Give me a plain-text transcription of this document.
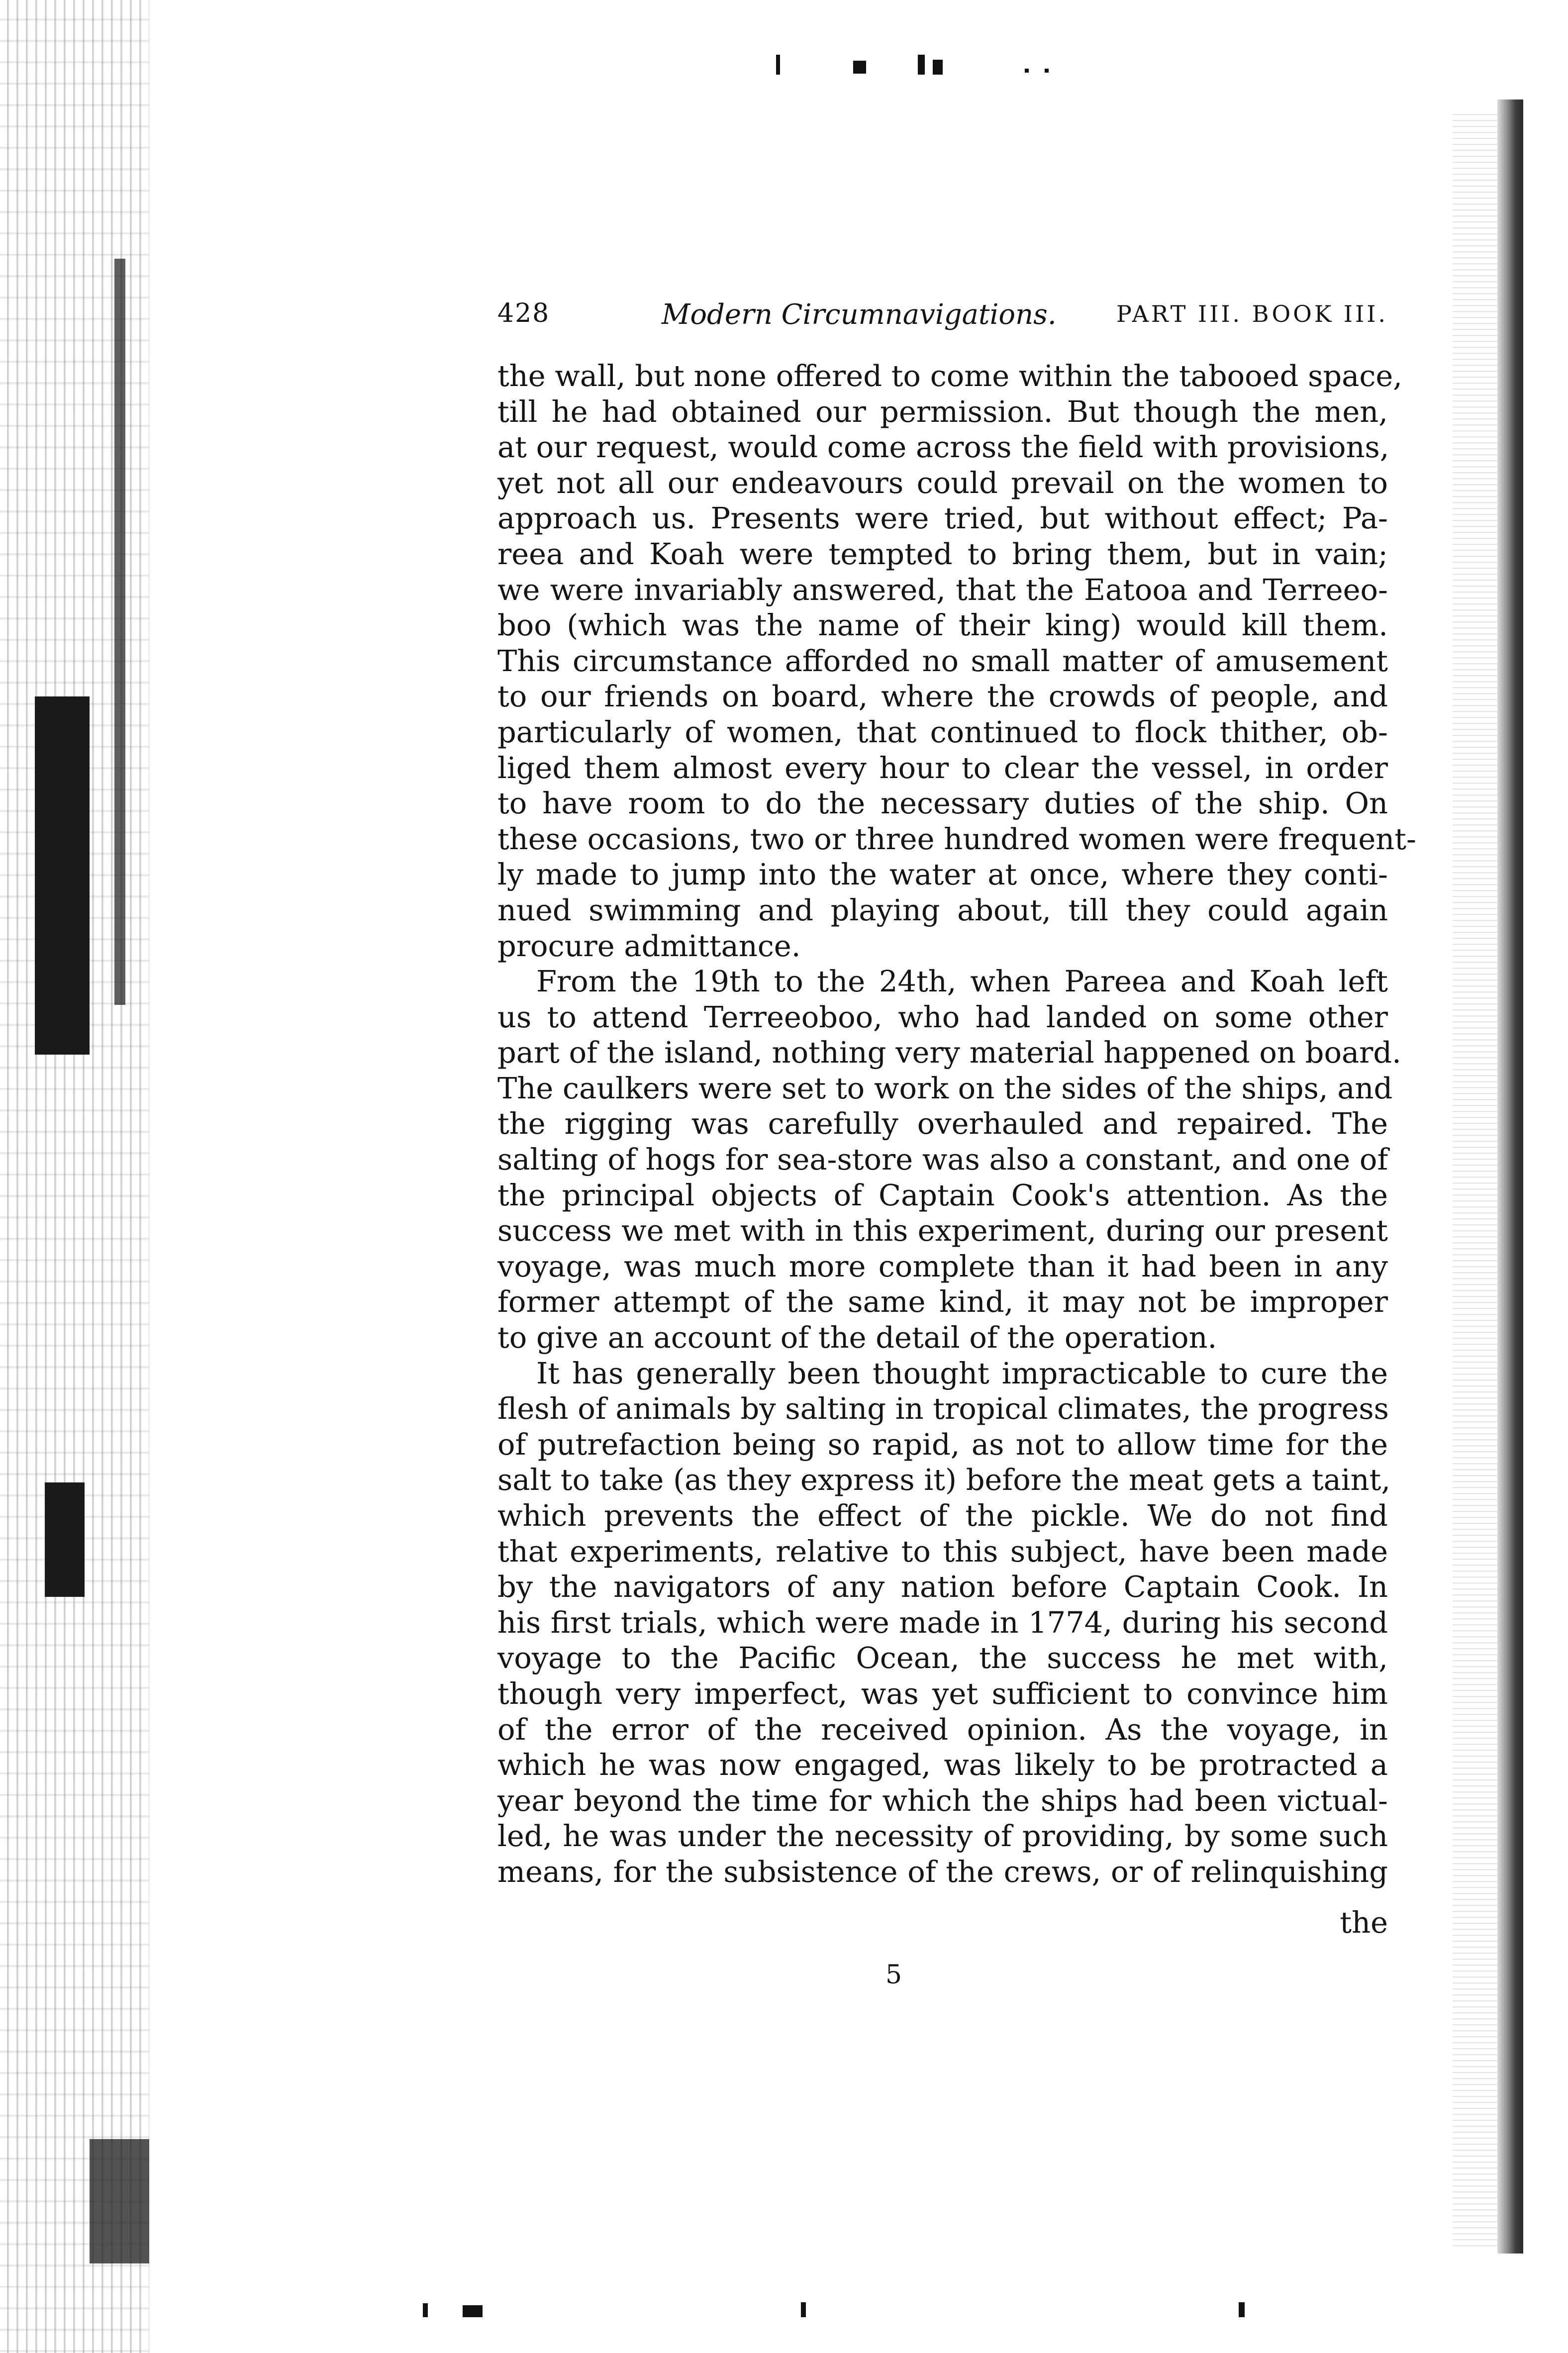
428	Modern Circumnavigations.	PART III. BOOK III.
the wall, but none offered to come within the tabooed space,
till he had obtained our permission. But though the men,
at our request, would come across the field with provisions,
yet not all our endeavours could prevail on the women to
approach us. Presents were tried, but without effect; Pa-
reea and Koah were tempted to bring them, but in vain;
we were invariably answered, that the Eatooa and Terreeo-
boo (which was the name of their king) would kill them.
This circumstance afforded no small matter of amusement
to our friends on board, where the crowds of people, and
particularly of women, that continued to flock thither, ob-
liged them almost every hour to clear the vessel, in order
to have room to do the necessary duties of the ship. On
these occasions, two or three hundred women were frequent-
ly made to jump into the water at once, where they conti-
nued swimming and playing about, till they could again
procure admittance.
From the 19th to the 24th, when Pareea and Koah left
us to attend Terreeoboo, who had landed on some other
part of the island, nothing very material happened on board.
The caulkers were set to work on the sides of the ships, and
the rigging was carefully overhauled and repaired. The
salting of hogs for sea-store was also a constant, and one of
the principal objects of Captain Cook's attention. As the
success we met with in this experiment, during our present
voyage, was much more complete than it had been in any
former attempt of the same kind, it may not be improper
to give an account of the detail of the operation.
It has generally been thought impracticable to cure the
flesh of animals by salting in tropical climates, the progress
of putrefaction being so rapid, as not to allow time for the
salt to take (as they express it) before the meat gets a taint,
which prevents the effect of the pickle. We do not find
that experiments, relative to this subject, have been made
by the navigators of any nation before Captain Cook. In
his first trials, which were made in 1774, during his second
voyage to the Pacific Ocean, the success he met with,
though very imperfect, was yet sufficient to convince him
of the error of the received opinion. As the voyage, in
which he was now engaged, was likely to be protracted a
year beyond the time for which the ships had been victual-
led, he was under the necessity of providing, by some such
means, for the subsistence of the crews, or of relinquishing
the
5
